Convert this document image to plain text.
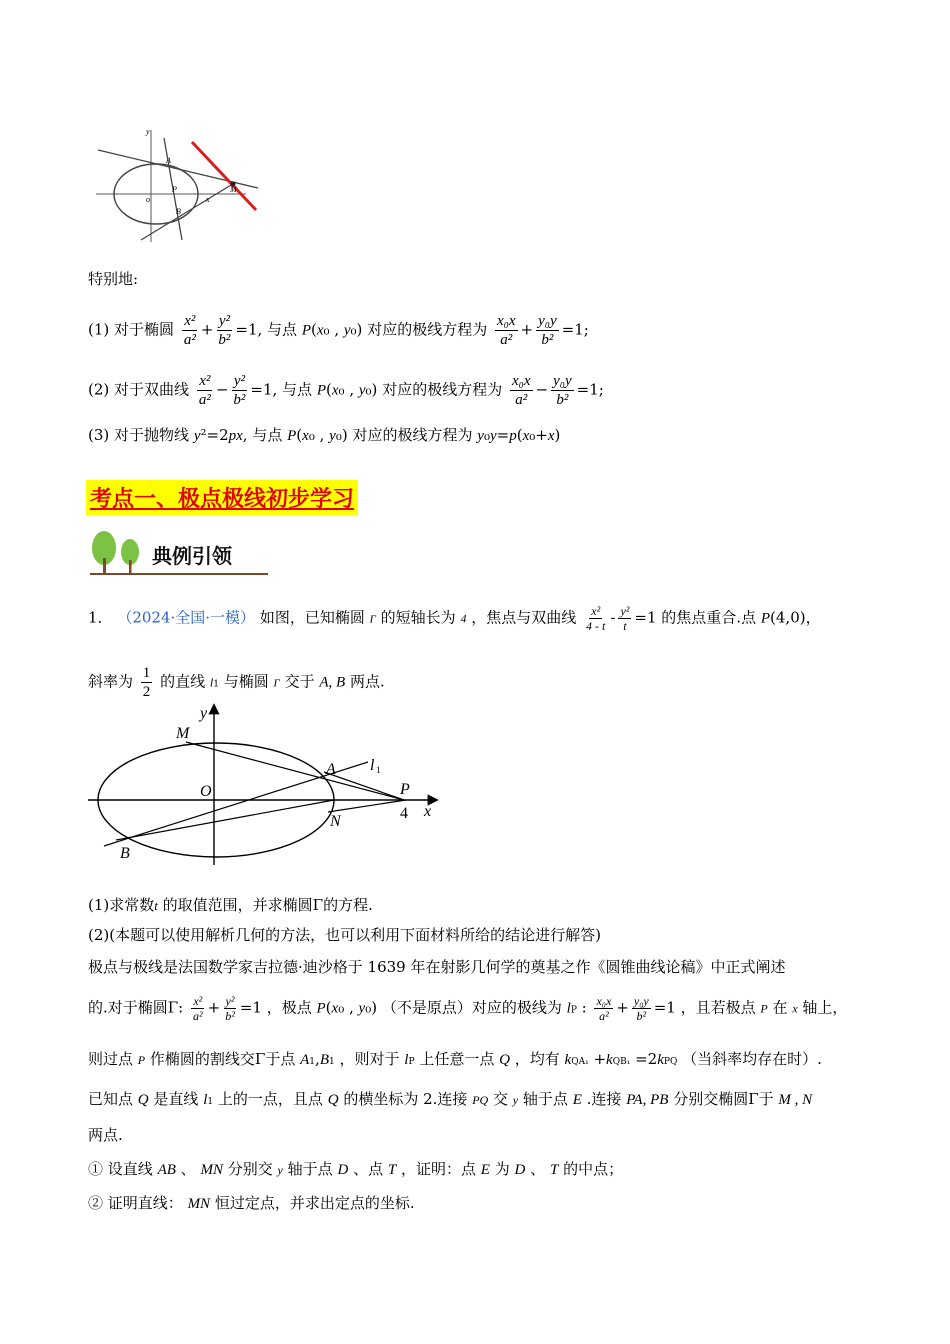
y
A
P
o
B
M
x
特别地:
(1) 对于椭圆 $\frac{\text{x²}}{\text{a²}} + \frac{\text{y²}}{\text{b²}} =1$, 与点 P(x₀ , y₀) 对应的极线方程为 $\frac{\text{x₀x}}{\text{a²}} + \frac{\text{y₀y}}{\text{b²}} =1$;
(2) 对于双曲线 $\frac{\text{x²}}{\text{a²}} - \frac{\text{y²}}{\text{b²}} =1$, 与点 P(x₀ , y₀) 对应的极线方程为 $\frac{\text{x₀x}}{\text{a²}} - \frac{\text{y₀y}}{\text{b²}} =1$;
(3) 对于抛物线 y²=2px, 与点 P(x₀ , y₀) 对应的极线方程为 y₀y=p(x₀+x)
考点一、极点极线初步学习
典例引领
1． （2024·全国·一模） 如图，已知椭圆 Γ 的短轴长为 4 ，焦点与双曲线 $\frac{\text{x²}}{4 - t} - \frac{\text{y²}}{t} =1$ 的焦点重合.点 P(4,0)，
斜率为 $\frac{1}{2}$ 的直线 l1 与椭圆 Γ 交于 A, B 两点.
y
M
A l 1
O	P
4 x
N
B
(1)求常数t 的取值范围，并求椭圆Γ的方程.
(2)(本题可以使用解析几何的方法，也可以利用下面材料所给的结论进行解答)
极点与极线是法国数学家吉拉德·迪沙格于 1639 年在射影几何学的奠基之作《圆锥曲线论稿》中正式阐述
的.对于椭圆Γ: $\frac{\text{x²}}{\text{a²}} + \frac{\text{y²}}{\text{b²}} =1$ ，极点 P(x₀ , y₀) （不是原点）对应的极线为 lP : $\frac{\text{x₀x}}{\text{a²}} + \frac{\text{y₀y}}{\text{b²}} =1$ ，且若极点 P 在 x 轴上，
则过点 P 作椭圆的割线交Γ于点 A1,B1 ，则对于 lP 上任意一点 Q ，均有 kQA₁ +kQB₁ =2kPQ （当斜率均存在时）.
已知点 Q 是直线 l1 上的一点，且点 Q 的横坐标为 2.连接 PQ 交 y 轴于点 E .连接 PA, PB 分别交椭圆Γ于 M , N
两点.
① 设直线 AB 、 MN 分别交 y 轴于点 D 、点 T ，证明：点 E 为 D 、 T 的中点；
② 证明直线： MN 恒过定点，并求出定点的坐标.
